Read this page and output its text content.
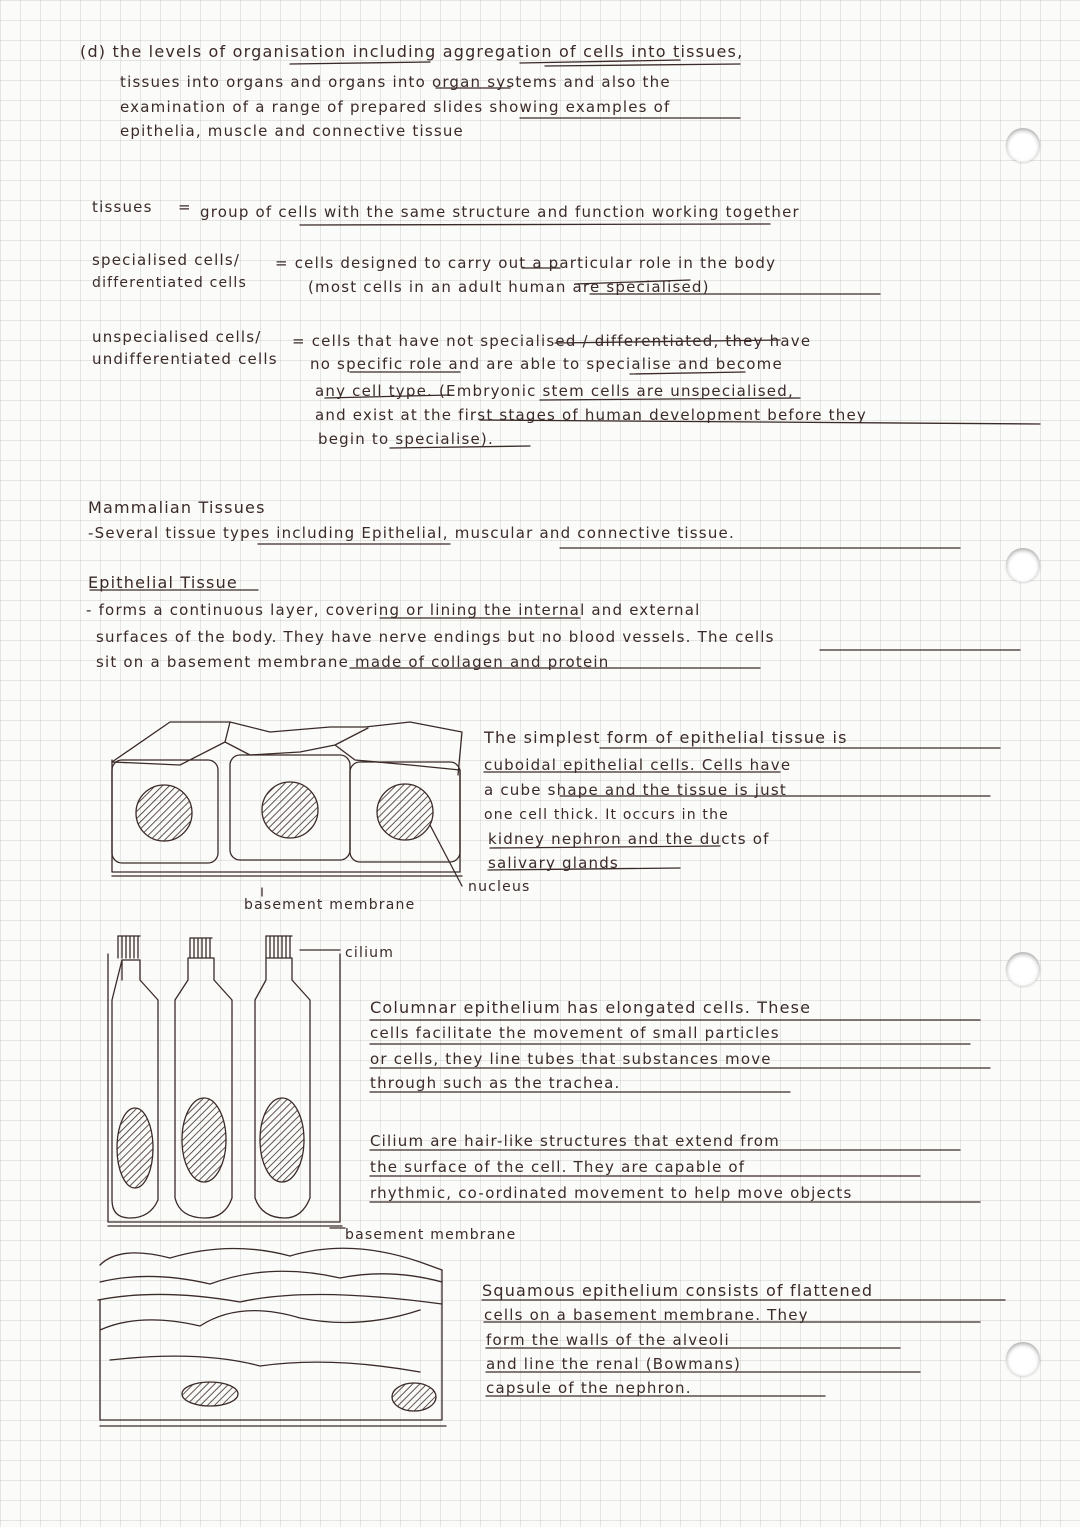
(d) the levels of organisation including aggregation of cells into tissues,
tissues into organs and organs into organ systems and also the
examination of a range of prepared slides showing examples of
epithelia, muscle and connective tissue
tissues = group of cells with the same structure and function working together
specialised cells/
differentiated cells
= cells designed to carry out a particular role in the body
(most cells in an adult human are specialised)
unspecialised cells/
undifferentiated cells
= cells that have not specialised / differentiated, they have
no specific role and are able to specialise and become
any cell type. (Embryonic stem cells are unspecialised,
and exist at the first stages of human development before they
begin to specialise).
Mammalian Tissues
-Several tissue types including Epithelial, muscular and connective tissue.
Epithelial Tissue
- forms a continuous layer, covering or lining the internal and external
surfaces of the body. They have nerve endings but no blood vessels. The cells
sit on a basement membrane made of collagen and protein
The simplest form of epithelial tissue is
cuboidal epithelial cells. Cells have
a cube shape and the tissue is just
one cell thick. It occurs in the
kidney nephron and the ducts of
salivary glands
nucleus
basement membrane
cilium
Columnar epithelium has elongated cells. These
cells facilitate the movement of small particles
or cells, they line tubes that substances move
through such as the trachea.
Cilium are hair-like structures that extend from
the surface of the cell. They are capable of
rhythmic, co-ordinated movement to help move objects
basement membrane
Squamous epithelium consists of flattened
cells on a basement membrane. They
form the walls of the alveoli
and line the renal (Bowmans)
capsule of the nephron.
